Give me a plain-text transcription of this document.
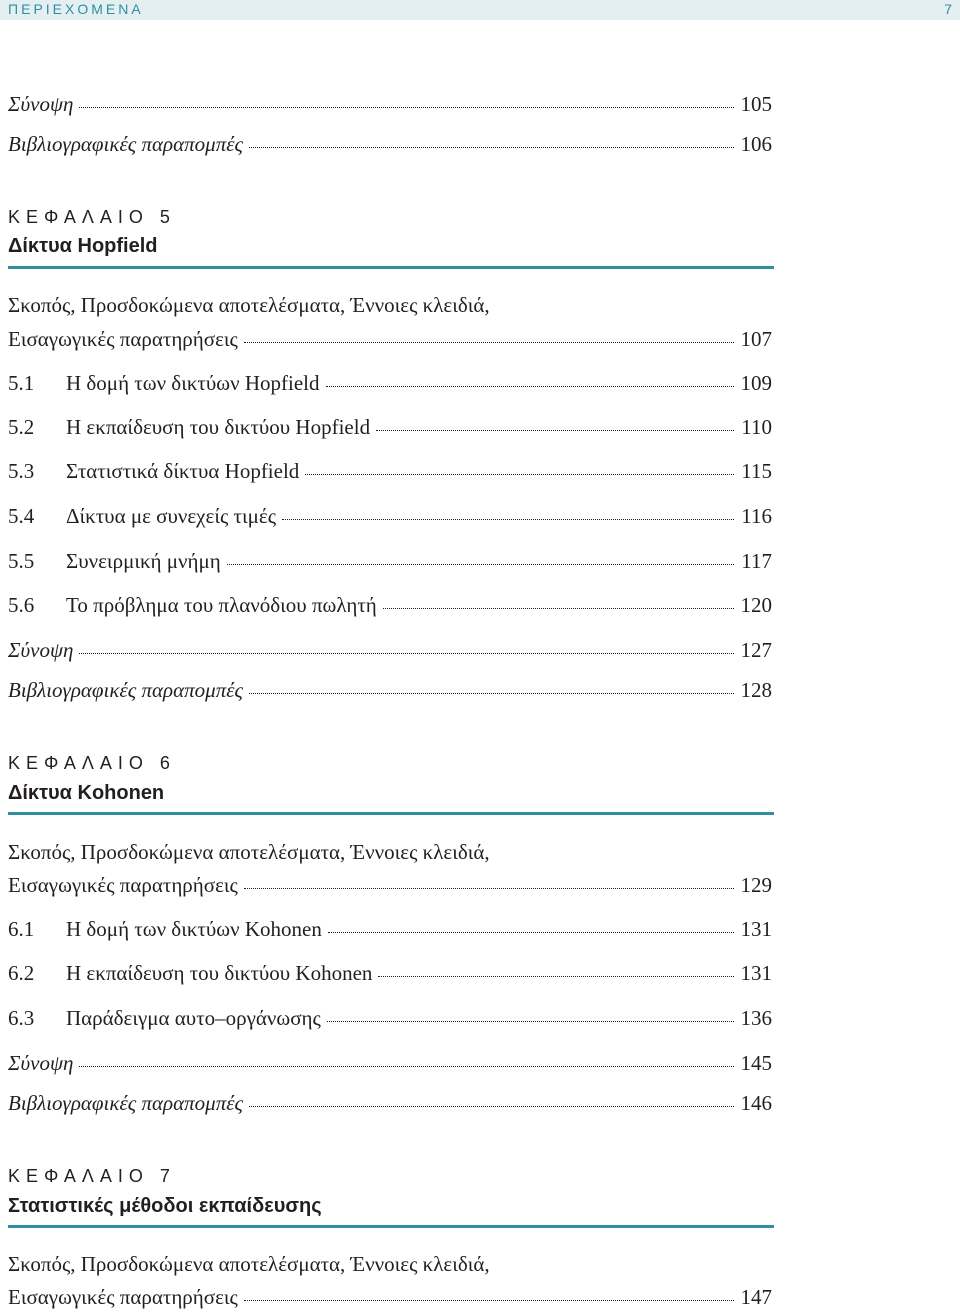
ΠΕΡΙΕΧΟΜΕΝΑ	7
Σύνοψη	105
Βιβλιογραφικές παραπομπές	106
ΚΕΦΑΛΑΙΟ 5
Δίκτυα Hopfield
Σκοπός, Προσδοκώμενα αποτελέσματα, Έννοιες κλειδιά,
Εισαγωγικές παρατηρήσεις	107
5.1	Η δομή των δικτύων Hopfield	109
5.2	Η εκπαίδευση του δικτύου Hopfield	110
5.3	Στατιστικά δίκτυα Hopfield	115
5.4	Δίκτυα με συνεχείς τιμές	116
5.5	Συνειρμική μνήμη	117
5.6	Το πρόβλημα του πλανόδιου πωλητή	120
Σύνοψη	127
Βιβλιογραφικές παραπομπές	128
ΚΕΦΑΛΑΙΟ 6
Δίκτυα Kohonen
Σκοπός, Προσδοκώμενα αποτελέσματα, Έννοιες κλειδιά,
Εισαγωγικές παρατηρήσεις	129
6.1	Η δομή των δικτύων Kohonen	131
6.2	Η εκπαίδευση του δικτύου Kohonen	131
6.3	Παράδειγμα αυτο–οργάνωσης	136
Σύνοψη	145
Βιβλιογραφικές παραπομπές	146
ΚΕΦΑΛΑΙΟ 7
Στατιστικές μέθοδοι εκπαίδευσης
Σκοπός, Προσδοκώμενα αποτελέσματα, Έννοιες κλειδιά,
Εισαγωγικές παρατηρήσεις	147
